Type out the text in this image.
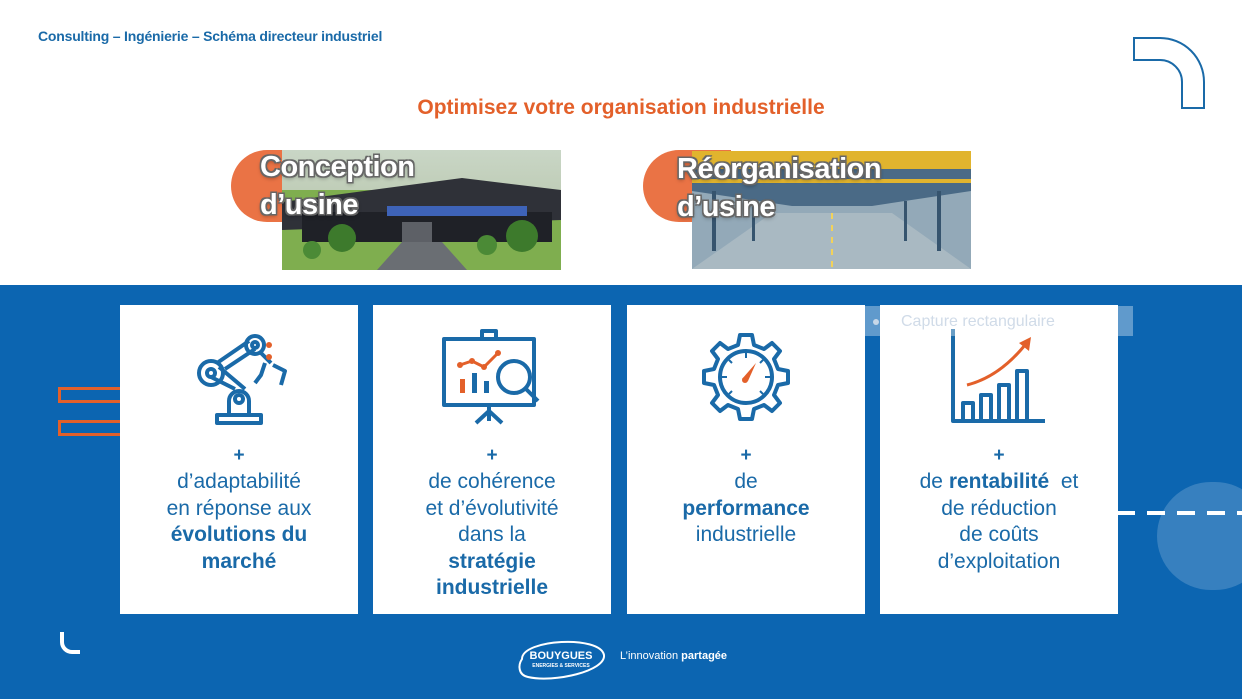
Consulting – Ingénierie – Schéma directeur industriel
Optimisez votre organisation industrielle
Conception
d’usine
Réorganisation
d’usine
+
d’adaptabilité
en réponse aux
évolutions du
marché
+
de cohérence
et d’évolutivité
dans la
stratégie
industrielle
+
de
performance
industrielle
+
de rentabilité  et
de réduction
de coûts
d’exploitation
Capture rectangulaire
BOUYGUES
ENERGIES & SERVICES
L’innovation partagée
